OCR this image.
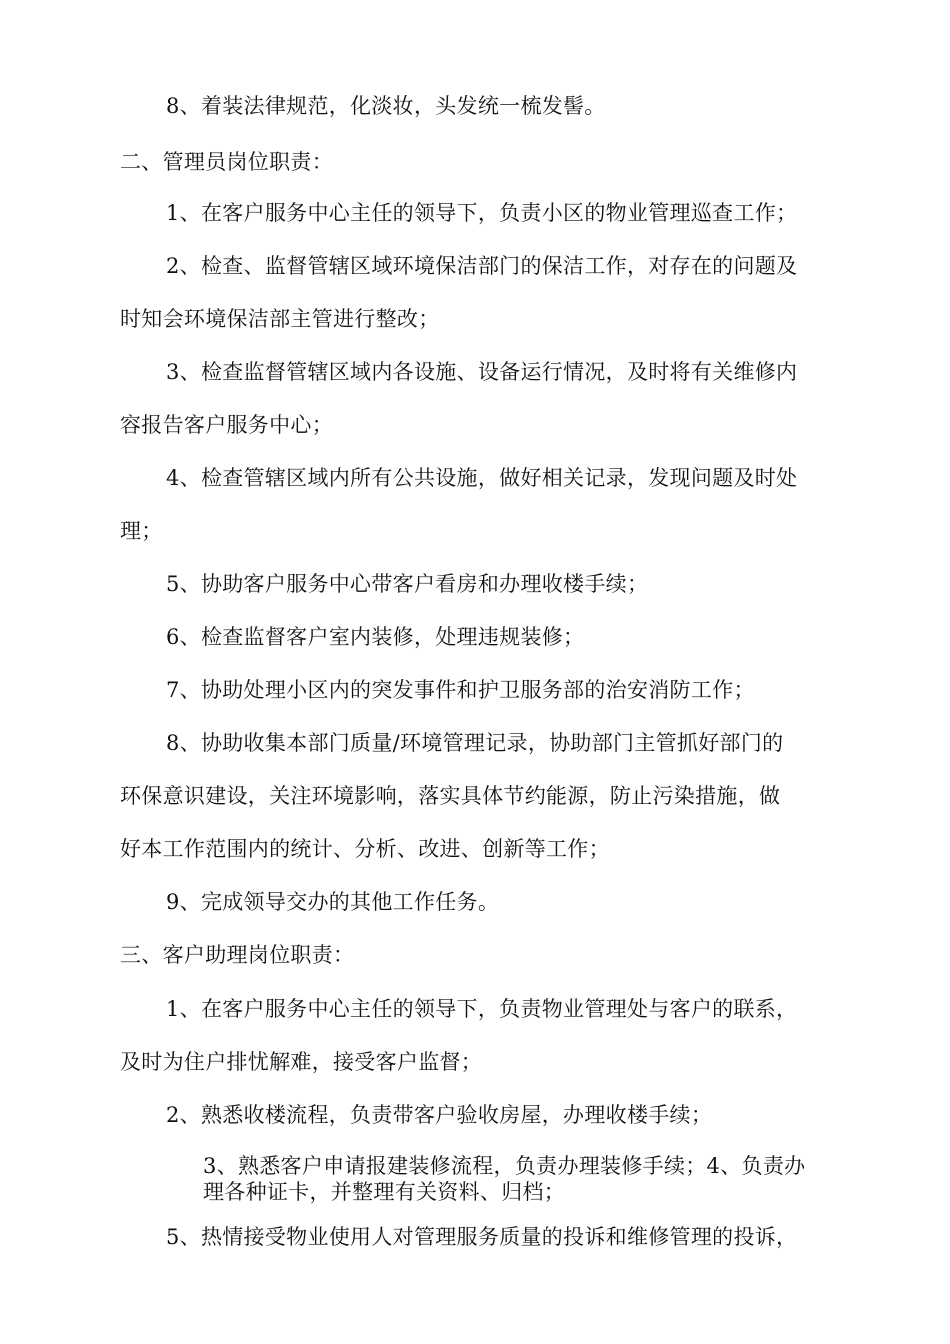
8、着装法律规范，化淡妆，头发统一梳发髻。
二、管理员岗位职责：
1、在客户服务中心主任的领导下，负责小区的物业管理巡查工作；
2、检查、监督管辖区域环境保洁部门的保洁工作，对存在的问题及
时知会环境保洁部主管进行整改；
3、检查监督管辖区域内各设施、设备运行情况，及时将有关维修内
容报告客户服务中心；
4、检查管辖区域内所有公共设施，做好相关记录，发现问题及时处
理；
5、协助客户服务中心带客户看房和办理收楼手续；
6、检查监督客户室内装修，处理违规装修；
7、协助处理小区内的突发事件和护卫服务部的治安消防工作；
8、协助收集本部门质量/环境管理记录，协助部门主管抓好部门的
环保意识建设，关注环境影响，落实具体节约能源，防止污染措施，做
好本工作范围内的统计、分析、改进、创新等工作；
9、完成领导交办的其他工作任务。
三、客户助理岗位职责：
1、在客户服务中心主任的领导下，负责物业管理处与客户的联系，
及时为住户排忧解难，接受客户监督；
2、熟悉收楼流程，负责带客户验收房屋，办理收楼手续；
3、熟悉客户申请报建装修流程，负责办理装修手续；4、负责办
理各种证卡，并整理有关资料、归档；
5、热情接受物业使用人对管理服务质量的投诉和维修管理的投诉，
